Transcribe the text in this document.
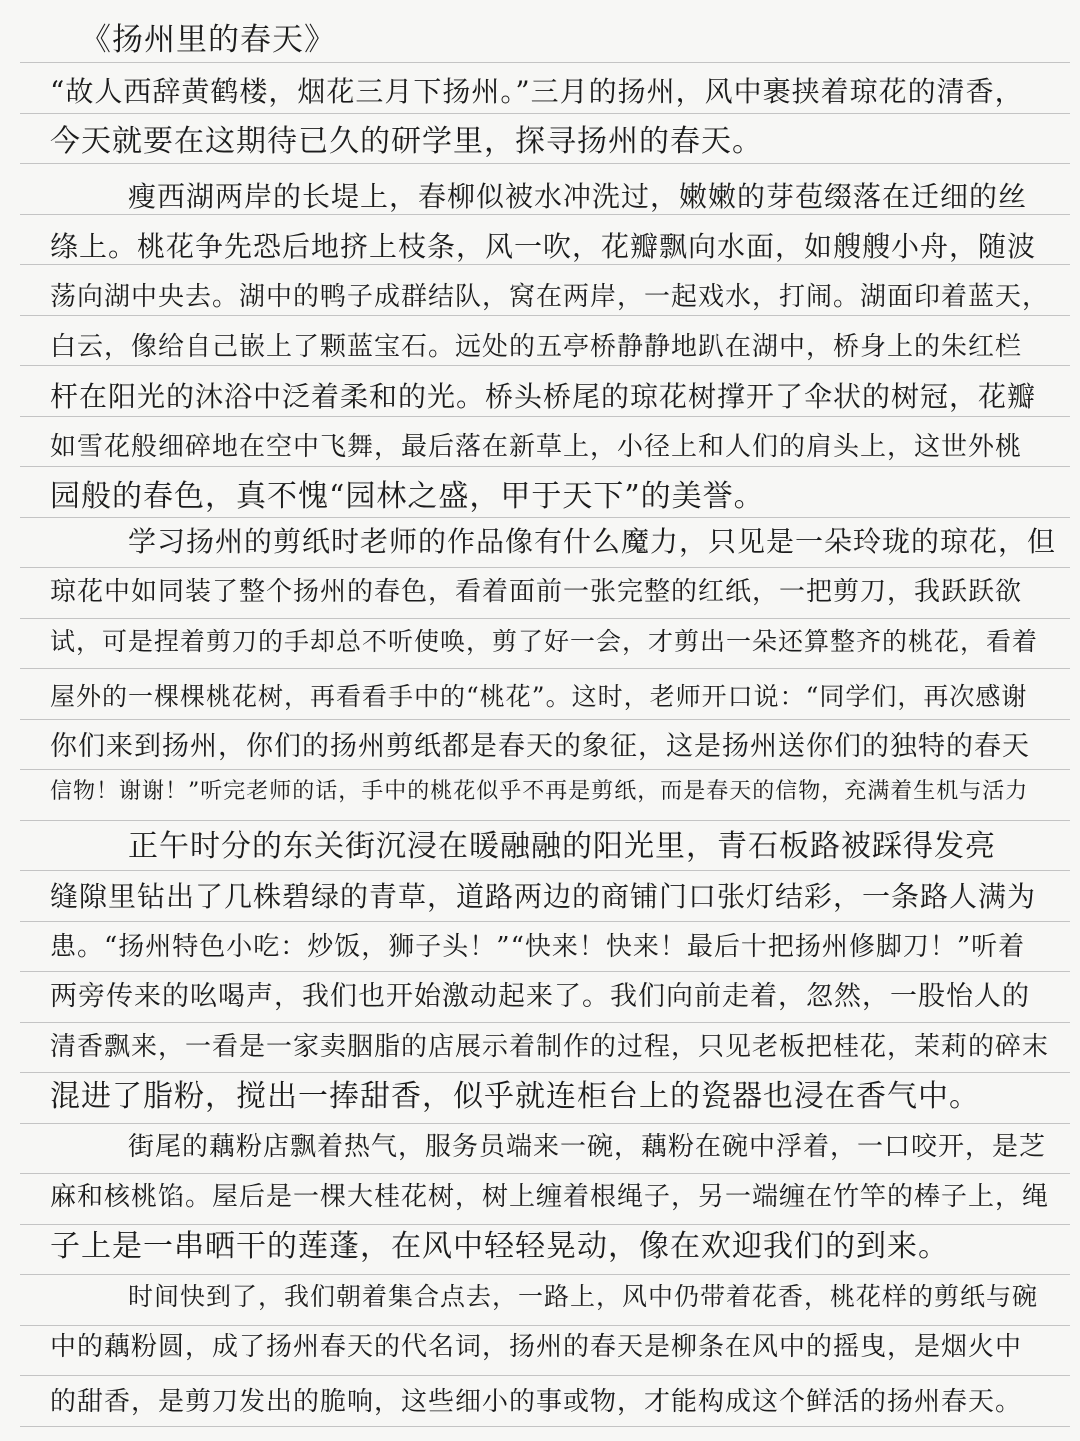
《扬州里的春天》
“故人西辞黄鹤楼，烟花三月下扬州。”三月的扬州，风中裹挟着琼花的清香，
今天就要在这期待已久的研学里，探寻扬州的春天。
瘦西湖两岸的长堤上，春柳似被水冲洗过，嫩嫩的芽苞缀落在迁细的丝
绦上。桃花争先恐后地挤上枝条，风一吹，花瓣飘向水面，如艘艘小舟，随波
荡向湖中央去。湖中的鸭子成群结队，窝在两岸，一起戏水，打闹。湖面印着蓝天，
白云，像给自己嵌上了颗蓝宝石。远处的五亭桥静静地趴在湖中，桥身上的朱红栏
杆在阳光的沐浴中泛着柔和的光。桥头桥尾的琼花树撑开了伞状的树冠，花瓣
如雪花般细碎地在空中飞舞，最后落在新草上，小径上和人们的肩头上，这世外桃
园般的春色，真不愧“园林之盛，甲于天下”的美誉。
学习扬州的剪纸时老师的作品像有什么魔力，只见是一朵玲珑的琼花，但
琼花中如同装了整个扬州的春色，看着面前一张完整的红纸，一把剪刀，我跃跃欲
试，可是捏着剪刀的手却总不听使唤，剪了好一会，才剪出一朵还算整齐的桃花，看着
屋外的一棵棵桃花树，再看看手中的“桃花”。这时，老师开口说：“同学们，再次感谢
你们来到扬州，你们的扬州剪纸都是春天的象征，这是扬州送你们的独特的春天
信物！谢谢！”听完老师的话，手中的桃花似乎不再是剪纸，而是春天的信物，充满着生机与活力
正午时分的东关街沉浸在暖融融的阳光里，青石板路被踩得发亮
缝隙里钻出了几株碧绿的青草，道路两边的商铺门口张灯结彩，一条路人满为
患。“扬州特色小吃：炒饭，狮子头！”“快来！快来！最后十把扬州修脚刀！”听着
两旁传来的吆喝声，我们也开始激动起来了。我们向前走着，忽然，一股怡人的
清香飘来，一看是一家卖胭脂的店展示着制作的过程，只见老板把桂花，茉莉的碎末
混进了脂粉，搅出一捧甜香，似乎就连柜台上的瓷器也浸在香气中。
街尾的藕粉店飘着热气，服务员端来一碗，藕粉在碗中浮着，一口咬开，是芝
麻和核桃馅。屋后是一棵大桂花树，树上缠着根绳子，另一端缠在竹竿的棒子上，绳
子上是一串晒干的莲蓬，在风中轻轻晃动，像在欢迎我们的到来。
时间快到了，我们朝着集合点去，一路上，风中仍带着花香，桃花样的剪纸与碗
中的藕粉圆，成了扬州春天的代名词，扬州的春天是柳条在风中的摇曳，是烟火中
的甜香，是剪刀发出的脆响，这些细小的事或物，才能构成这个鲜活的扬州春天。
